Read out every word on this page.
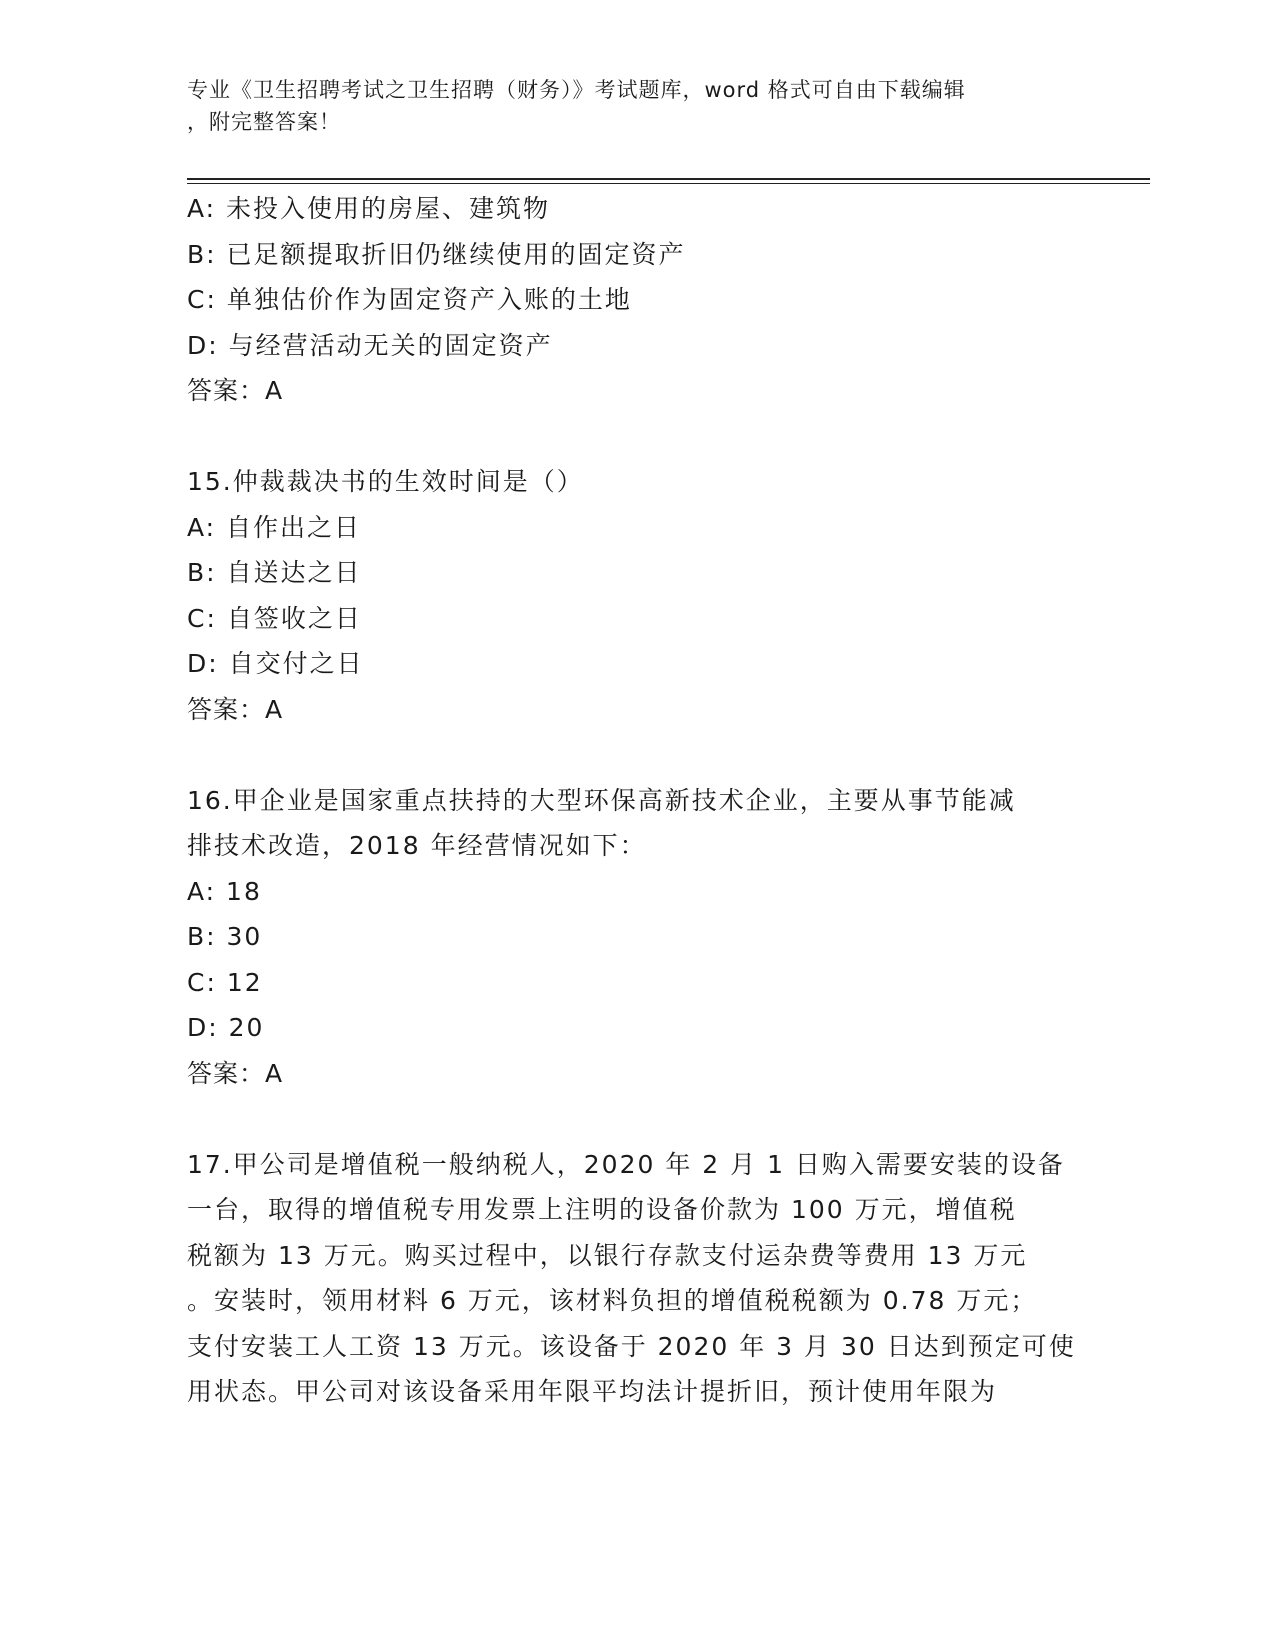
专业《卫生招聘考试之卫生招聘（财务）》考试题库，word 格式可自由下载编辑
，附完整答案！
A: 未投入使用的房屋、建筑物
B: 已足额提取折旧仍继续使用的固定资产
C: 单独估价作为固定资产入账的土地
D: 与经营活动无关的固定资产
答案：A
15.仲裁裁决书的生效时间是（）
A: 自作出之日
B: 自送达之日
C: 自签收之日
D: 自交付之日
答案：A
16.甲企业是国家重点扶持的大型环保高新技术企业，主要从事节能减
排技术改造，2018 年经营情况如下：
A: 18
B: 30
C: 12
D: 20
答案：A
17.甲公司是增值税一般纳税人，2020 年 2 月 1 日购入需要安装的设备
一台，取得的增值税专用发票上注明的设备价款为 100 万元，增值税
税额为 13 万元。购买过程中，以银行存款支付运杂费等费用 13 万元
。安装时，领用材料 6 万元，该材料负担的增值税税额为 0.78 万元；
支付安装工人工资 13 万元。该设备于 2020 年 3 月 30 日达到预定可使
用状态。甲公司对该设备采用年限平均法计提折旧，预计使用年限为
